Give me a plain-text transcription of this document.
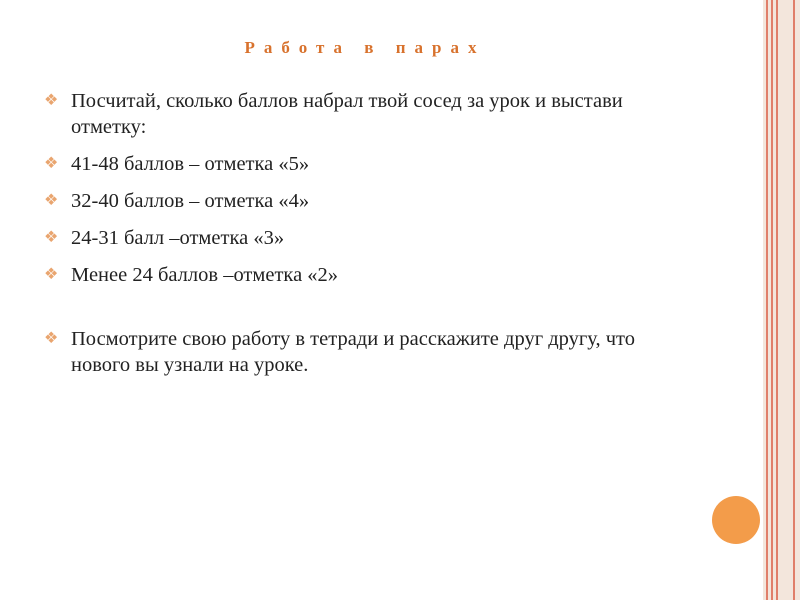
Работа в парах
❖ Посчитай, сколько баллов набрал твой сосед за урок и выстави отметку:
❖ 41-48 баллов – отметка «5»
❖ 32-40 баллов – отметка «4»
❖ 24-31 балл –отметка «3»
❖ Менее 24 баллов –отметка «2»
❖ Посмотрите свою работу в тетради и расскажите друг другу, что нового вы узнали на уроке.
